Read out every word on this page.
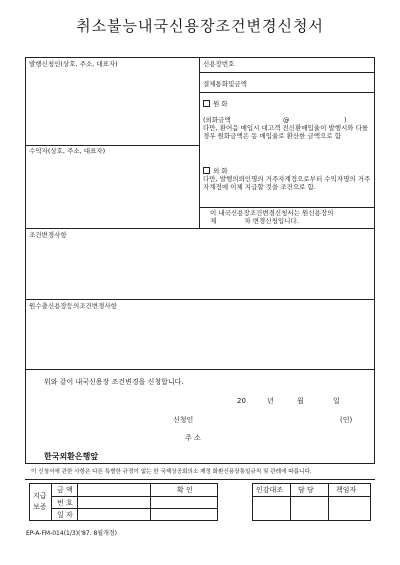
취소불능내국신용장조건변경신청서
발행신청인(상호, 주소, 대표자)
수익자(상호, 주소, 대표자)
신용장번호
결제통화및금액
원 화
(외화금액	@	)
다만, 환어음 매입시 대고객 전신환매입율이 발행시와 다를 경우 원화금액은 동 매입율로 환산한 금액으로 함
외 화
다만, 발행의뢰인명의 거주자계정으로부터 수익자명의 거주자계정에 이체 지급할 것을 조건으로 함.
이 내국신용장조건변경신청서는 원신용장의
제	차 변경신청입니다.
조건변경사항
원수출신용장등의조건변경사항
위와 같이 내국신용장 조건변경을 신청합니다.
20	년	월	일
신청인	(인)
주 소
한국외환은행앞
이 신청서에 관한 사항은 다른 특별한 규정이 없는 한 국제상공회의소 제정 화환신용장통일규칙 및 관례에 따릅니다.
지급
보증
금 액
번 호
일 자
확 인	인감대조 담 당	책임자
EP-A-FM-014(1/3)('87. 8월개정)
